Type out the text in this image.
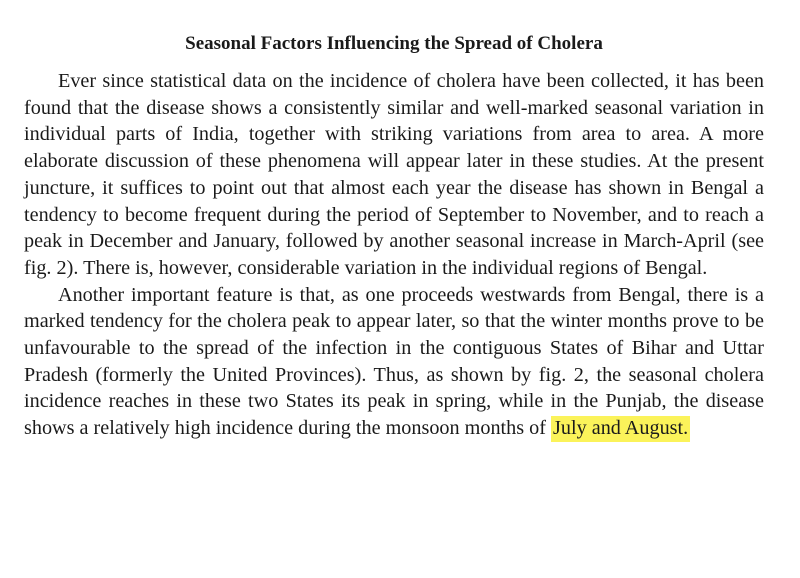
Seasonal Factors Influencing the Spread of Cholera

Ever since statistical data on the incidence of cholera have been collected, it has been found that the disease shows a consistently similar and well-marked seasonal variation in individual parts of India, together with striking variations from area to area. A more elaborate discussion of these phenomena will appear later in these studies. At the present juncture, it suffices to point out that almost each year the disease has shown in Bengal a tendency to become frequent during the period of September to November, and to reach a peak in December and January, followed by another seasonal increase in March-April (see fig. 2). There is, however, considerable variation in the individual regions of Bengal.

Another important feature is that, as one proceeds westwards from Bengal, there is a marked tendency for the cholera peak to appear later, so that the winter months prove to be unfavourable to the spread of the infection in the contiguous States of Bihar and Uttar Pradesh (formerly the United Provinces). Thus, as shown by fig. 2, the seasonal cholera incidence reaches in these two States its peak in spring, while in the Punjab, the disease shows a relatively high incidence during the monsoon months of July and August.
